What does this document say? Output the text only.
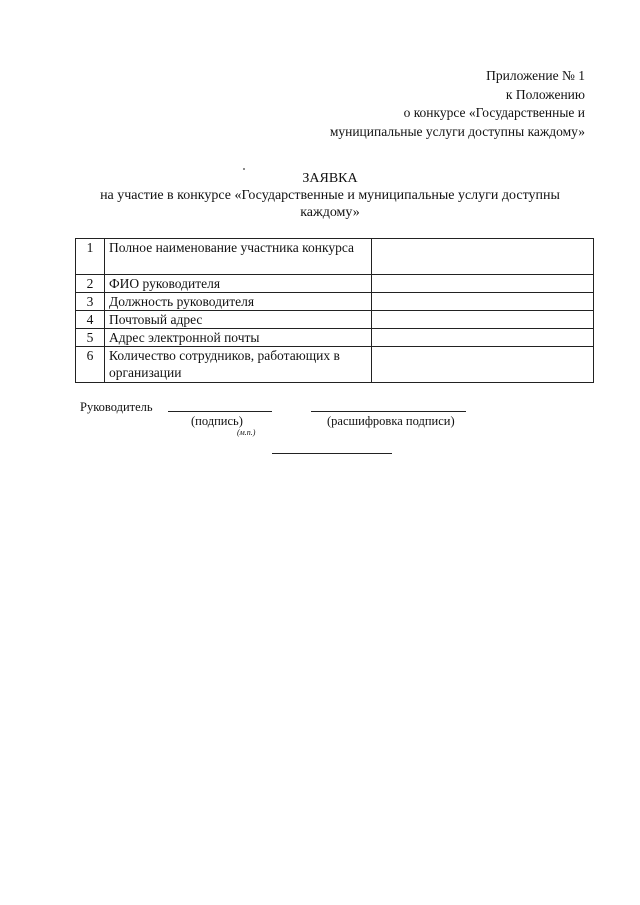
Приложение № 1
к Положению
о конкурсе «Государственные и
муниципальные услуги доступны каждому»
ЗАЯВКА
на участие в конкурсе «Государственные и муниципальные услуги доступны
каждому»
1	Полное наименование участника конкурса	
2	ФИО руководителя	
3	Должность руководителя	
4	Почтовый адрес	
5	Адрес электронной почты	
6	Количество сотрудников, работающих в организации	
Руководитель
(подпись)	(расшифровка подписи)
(м.п.)
